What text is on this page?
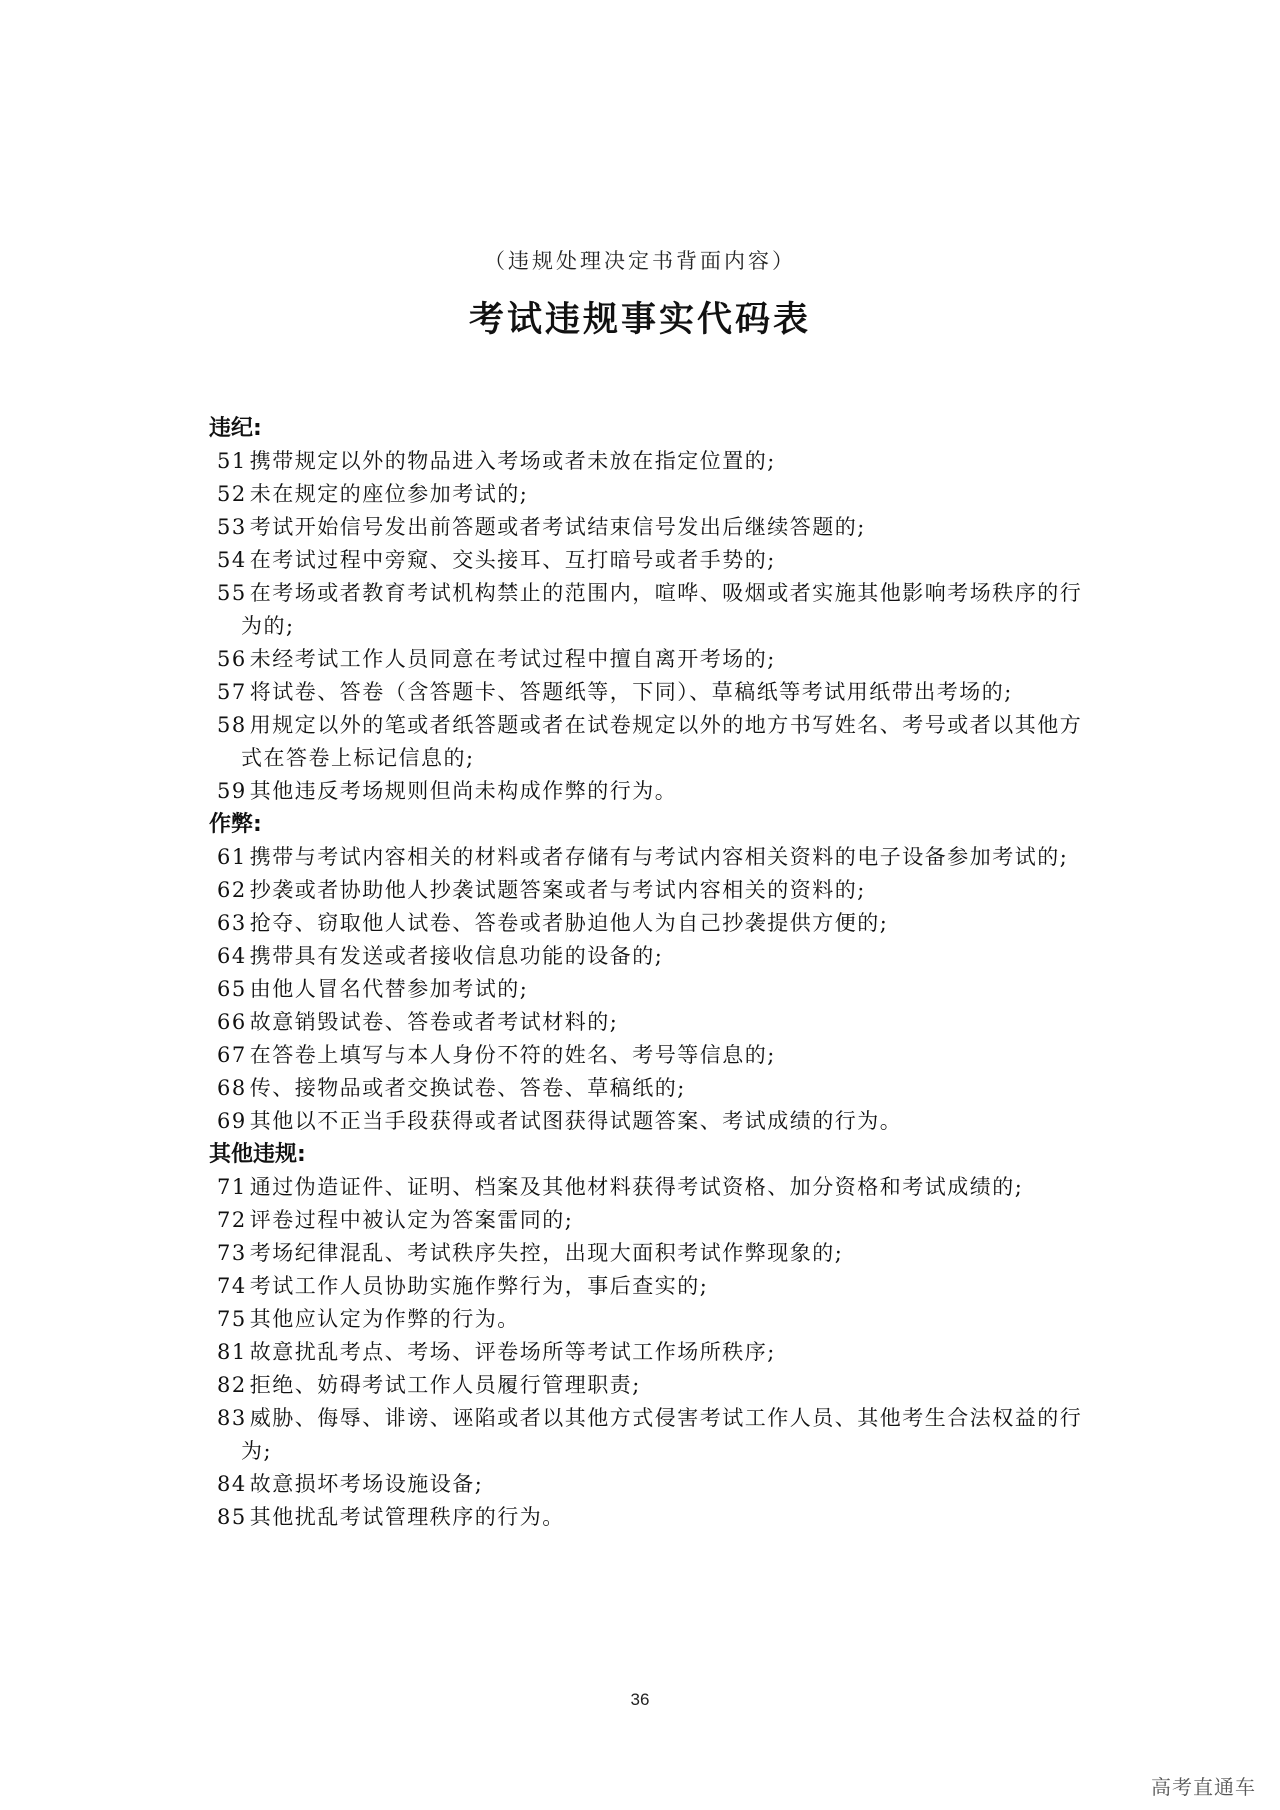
（违规处理决定书背面内容）
考试违规事实代码表
违纪:
51 携带规定以外的物品进入考场或者未放在指定位置的;
52 未在规定的座位参加考试的;
53 考试开始信号发出前答题或者考试结束信号发出后继续答题的;
54 在考试过程中旁窥、交头接耳、互打暗号或者手势的;
55 在考场或者教育考试机构禁止的范围内，喧哗、吸烟或者实施其他影响考场秩序的行
为的;
56 未经考试工作人员同意在考试过程中擅自离开考场的;
57 将试卷、答卷（含答题卡、答题纸等，下同）、草稿纸等考试用纸带出考场的;
58 用规定以外的笔或者纸答题或者在试卷规定以外的地方书写姓名、考号或者以其他方
式在答卷上标记信息的;
59 其他违反考场规则但尚未构成作弊的行为。
作弊:
61 携带与考试内容相关的材料或者存储有与考试内容相关资料的电子设备参加考试的;
62 抄袭或者协助他人抄袭试题答案或者与考试内容相关的资料的;
63 抢夺、窃取他人试卷、答卷或者胁迫他人为自己抄袭提供方便的;
64 携带具有发送或者接收信息功能的设备的;
65 由他人冒名代替参加考试的;
66 故意销毁试卷、答卷或者考试材料的;
67 在答卷上填写与本人身份不符的姓名、考号等信息的;
68 传、接物品或者交换试卷、答卷、草稿纸的;
69 其他以不正当手段获得或者试图获得试题答案、考试成绩的行为。
其他违规:
71 通过伪造证件、证明、档案及其他材料获得考试资格、加分资格和考试成绩的;
72 评卷过程中被认定为答案雷同的;
73 考场纪律混乱、考试秩序失控，出现大面积考试作弊现象的;
74 考试工作人员协助实施作弊行为，事后查实的;
75 其他应认定为作弊的行为。
81 故意扰乱考点、考场、评卷场所等考试工作场所秩序;
82 拒绝、妨碍考试工作人员履行管理职责;
83 威胁、侮辱、诽谤、诬陷或者以其他方式侵害考试工作人员、其他考生合法权益的行
为;
84 故意损坏考场设施设备;
85 其他扰乱考试管理秩序的行为。
36
高考直通车
